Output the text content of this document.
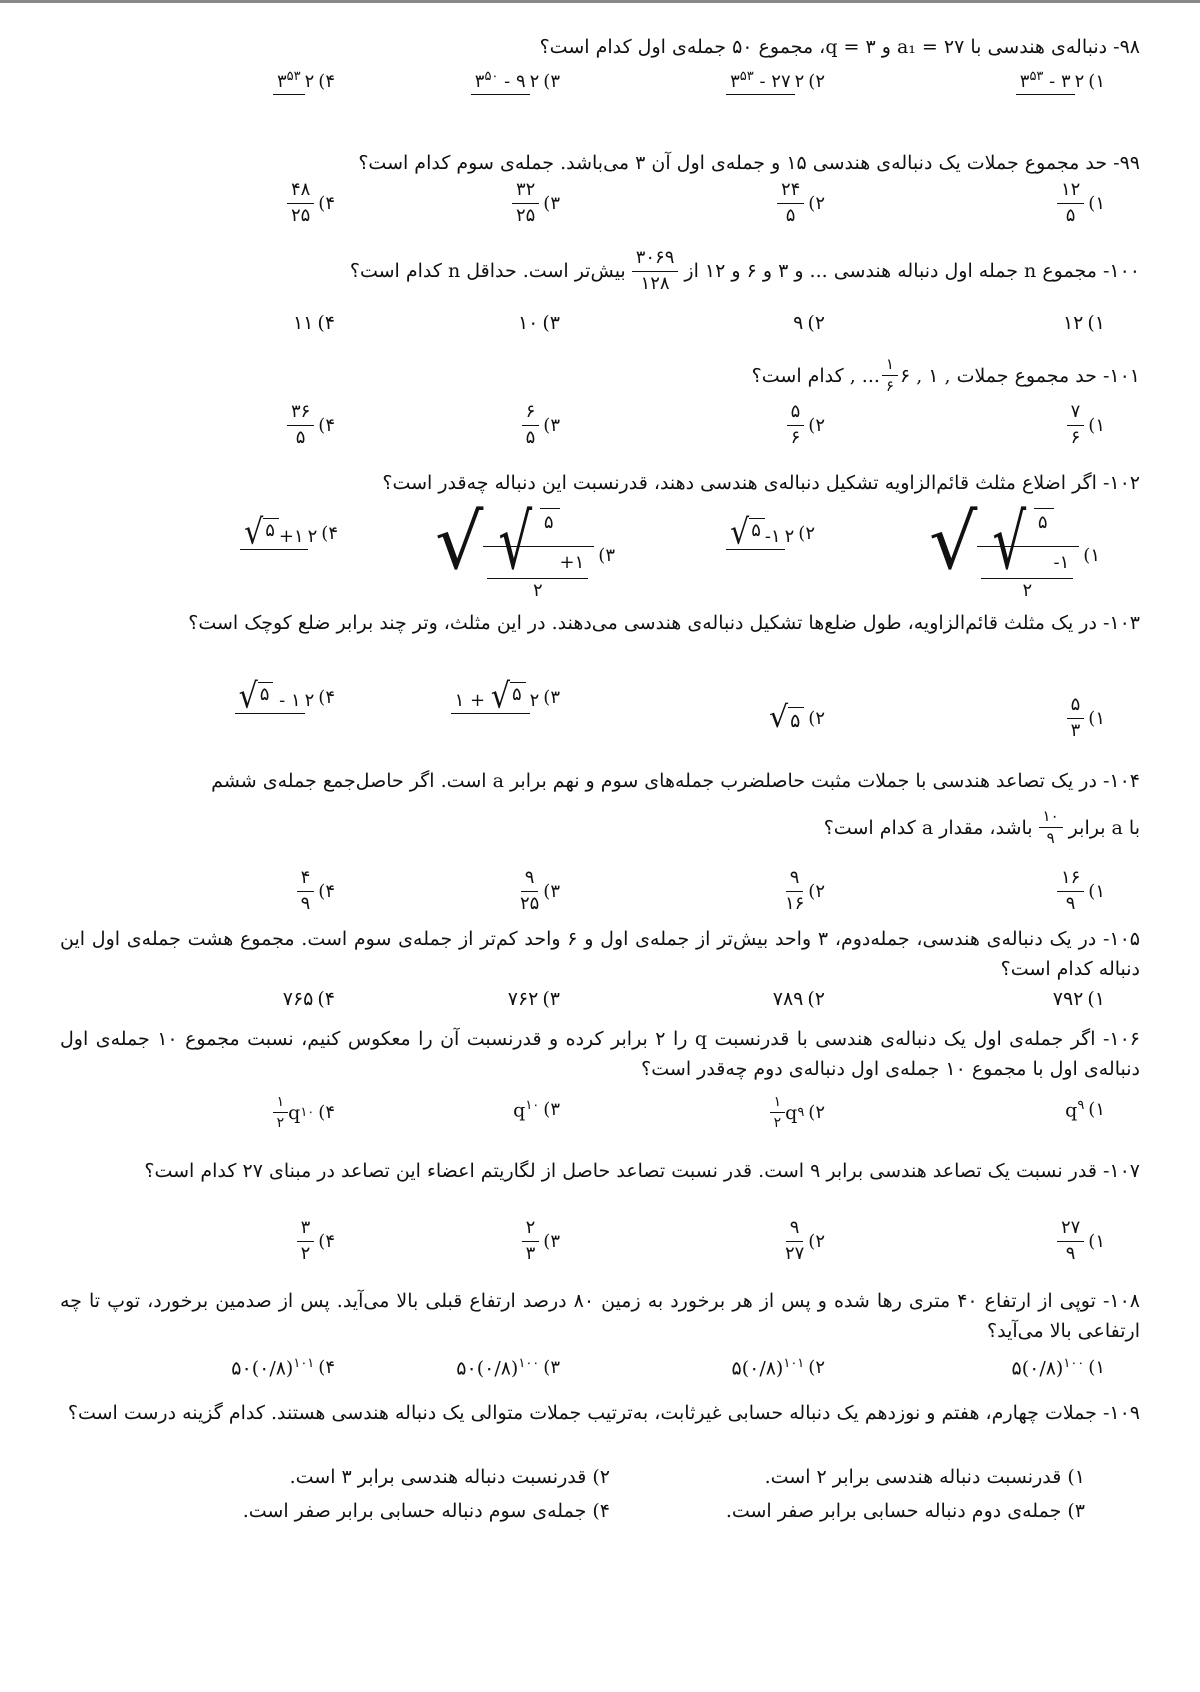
۹۸- دنباله‌ی هندسی با a₁ = ۲۷ و q = ۳، مجموع ۵۰ جمله‌ی اول کدام است؟
۱)
$۳^{۵۳}$ - ۳ ۲
۲)
$۳^{۵۳}$ - ۲۷ ۲
۳)
$۳^{۵۰}$ - ۹ ۲
۴)
$۳^{۵۳}$ ۲
۹۹- حد مجموع جملات یک دنباله‌ی هندسی ۱۵ و جمله‌ی اول آن ۳ می‌باشد. جمله‌ی سوم کدام است؟
۱)
$\frac{۱۲}{۵}$
۲)
$\frac{۲۴}{۵}$
۳)
$\frac{۳۲}{۲۵}$
۴)
$\frac{۴۸}{۲۵}$
۱۰۰- مجموع n جمله اول دنباله هندسی ... و ۳ و ۶ و ۱۲ از
$\frac{۳۰۶۹}{۱۲۸}$
بیش‌تر است. حداقل n کدام است؟
۱)
۱۲
۲)
۹
۳)
۱۰
۴)
۱۱
۱۰۱- حد مجموع جملات
, ... $\frac{۱}{۶}$ ۶ , ۱ ,
کدام است؟
۱)
$\frac{۷}{۶}$
۲)
$\frac{۵}{۶}$
۳)
$\frac{۶}{۵}$
۴)
$\frac{۳۶}{۵}$
۱۰۲- اگر اضلاع مثلث قائم‌الزاویه تشکیل دنباله‌ی هندسی دهند، قدرنسبت این دنباله چه‌قدر است؟
۱)
√ √ ۵
-۱
۲
۲)
√ ۵ -۱ ۲
۳)
√ √ ۵
+۱
۲
۴)
√ ۵ +۱ ۲
۱۰۳- در یک مثلث قائم‌الزاویه، طول ضلع‌ها تشکیل دنباله‌ی هندسی می‌دهند. در این مثلث، وتر چند برابر ضلع کوچک است؟
۱)
$\frac{۵}{۳}$
۲)
√ ۵
۳)
۱ + √ ۵ ۲
۴)
√ ۵ - ۱ ۲
۱۰۴- در یک تصاعد هندسی با جملات مثبت حاصلضرب جمله‌های سوم و نهم برابر a است. اگر حاصل‌جمع جمله‌ی ششم
با a برابر
$\frac{۱۰}{۹}$
باشد، مقدار a کدام است؟
۱)
$\frac{۱۶}{۹}$
۲)
$\frac{۹}{۱۶}$
۳)
$\frac{۹}{۲۵}$
۴)
$\frac{۴}{۹}$
۱۰۵- در یک دنباله‌ی هندسی، جمله‌دوم، ۳ واحد بیش‌تر از جمله‌ی اول و ۶ واحد کم‌تر از جمله‌ی سوم است. مجموع هشت جمله‌ی اول این دنباله کدام است؟
۱)
۷۹۲
۲)
۷۸۹
۳)
۷۶۲
۴)
۷۶۵
۱۰۶- اگر جمله‌ی اول یک دنباله‌ی هندسی با قدرنسبت q را ۲ برابر کرده و قدرنسبت آن را معکوس کنیم، نسبت مجموع ۱۰ جمله‌ی اول دنباله‌ی اول با مجموع ۱۰ جمله‌ی اول دنباله‌ی دوم چه‌قدر است؟
۱)
$q^۹$
۲)
$\frac{۱}{۲}$ q ۹
۳)
$q^{۱۰}$
۴)
$\frac{۱}{۲}$ q ۱۰
۱۰۷- قدر نسبت یک تصاعد هندسی برابر ۹ است. قدر نسبت تصاعد حاصل از لگاریتم اعضاء این تصاعد در مبنای ۲۷ کدام است؟
۱)
$\frac{۲۷}{۹}$
۲)
$\frac{۹}{۲۷}$
۳)
$\frac{۲}{۳}$
۴)
$\frac{۳}{۲}$
۱۰۸- توپی از ارتفاع ۴۰ متری رها شده و پس از هر برخورد به زمین ۸۰ درصد ارتفاع قبلی بالا می‌آید. پس از صدمین برخورد، توپ تا چه ارتفاعی بالا می‌آید؟
۱)
۵(۰/۸)$^{۱۰۰}$
۲)
۵(۰/۸)$^{۱۰۱}$
۳)
۵۰(۰/۸)$^{۱۰۰}$
۴)
۵۰(۰/۸)$^{۱۰۱}$
۱۰۹- جملات چهارم، هفتم و نوزدهم یک دنباله حسابی غیرثابت، به‌ترتیب جملات متوالی یک دنباله هندسی هستند. کدام گزینه درست است؟
۱) قدرنسبت دنباله هندسی برابر ۲ است.
۲) قدرنسبت دنباله هندسی برابر ۳ است.
۳) جمله‌ی دوم دنباله حسابی برابر صفر است.
۴) جمله‌ی سوم دنباله حسابی برابر صفر است.
